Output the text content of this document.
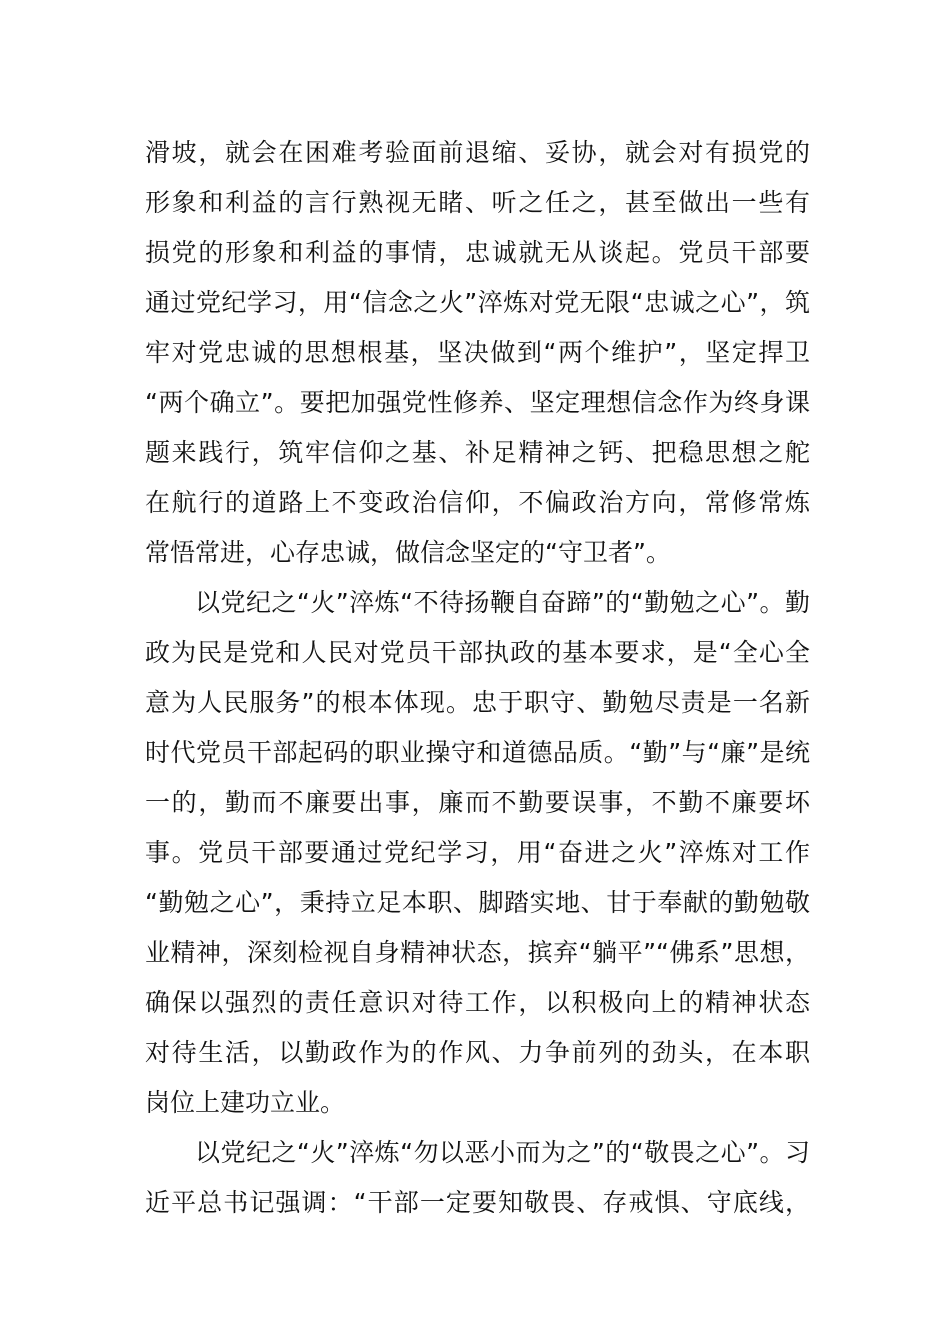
滑坡，就会在困难考验面前退缩、妥协，就会对有损党的
形象和利益的言行熟视无睹、听之任之，甚至做出一些有
损党的形象和利益的事情，忠诚就无从谈起。党员干部要
通过党纪学习，用“信念之火”淬炼对党无限“忠诚之心”，筑
牢对党忠诚的思想根基，坚决做到“两个维护”，坚定捍卫
“两个确立”。要把加强党性修养、坚定理想信念作为终身课
题来践行，筑牢信仰之基、补足精神之钙、把稳思想之舵
在航行的道路上不变政治信仰，不偏政治方向，常修常炼
常悟常进，心存忠诚，做信念坚定的“守卫者”。
以党纪之“火”淬炼“不待扬鞭自奋蹄”的“勤勉之心”。勤
政为民是党和人民对党员干部执政的基本要求，是“全心全
意为人民服务”的根本体现。忠于职守、勤勉尽责是一名新
时代党员干部起码的职业操守和道德品质。“勤”与“廉”是统
一的，勤而不廉要出事，廉而不勤要误事，不勤不廉要坏
事。党员干部要通过党纪学习，用“奋进之火”淬炼对工作
“勤勉之心”，秉持立足本职、脚踏实地、甘于奉献的勤勉敬
业精神，深刻检视自身精神状态，摈弃“躺平”“佛系”思想，
确保以强烈的责任意识对待工作，以积极向上的精神状态
对待生活，以勤政作为的作风、力争前列的劲头，在本职
岗位上建功立业。
以党纪之“火”淬炼“勿以恶小而为之”的“敬畏之心”。习
近平总书记强调：“干部一定要知敬畏、存戒惧、守底线，
